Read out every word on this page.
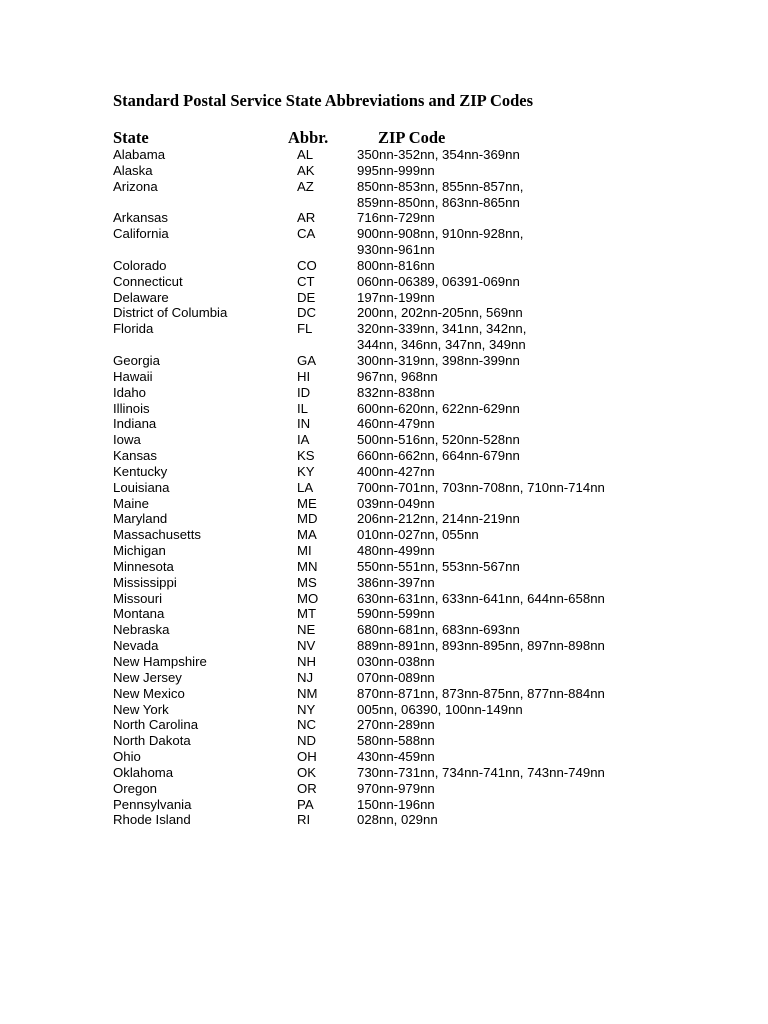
Standard Postal Service State Abbreviations and ZIP Codes
State	Abbr.	ZIP Code
Alabama	AL	350nn-352nn, 354nn-369nn
Alaska	AK	995nn-999nn
Arizona	AZ	850nn-853nn, 855nn-857nn,
859nn-850nn, 863nn-865nn
Arkansas	AR	716nn-729nn
California	CA	900nn-908nn, 910nn-928nn,
930nn-961nn
Colorado	CO	800nn-816nn
Connecticut	CT	060nn-06389, 06391-069nn
Delaware	DE	197nn-199nn
District of Columbia	DC	200nn, 202nn-205nn, 569nn
Florida	FL	320nn-339nn, 341nn, 342nn,
344nn, 346nn, 347nn, 349nn
Georgia	GA	300nn-319nn, 398nn-399nn
Hawaii	HI	967nn, 968nn
Idaho	ID	832nn-838nn
Illinois	IL	600nn-620nn, 622nn-629nn
Indiana	IN	460nn-479nn
Iowa	IA	500nn-516nn, 520nn-528nn
Kansas	KS	660nn-662nn, 664nn-679nn
Kentucky	KY	400nn-427nn
Louisiana	LA	700nn-701nn, 703nn-708nn, 710nn-714nn
Maine	ME	039nn-049nn
Maryland	MD	206nn-212nn, 214nn-219nn
Massachusetts	MA	010nn-027nn, 055nn
Michigan	MI	480nn-499nn
Minnesota	MN	550nn-551nn, 553nn-567nn
Mississippi	MS	386nn-397nn
Missouri	MO	630nn-631nn, 633nn-641nn, 644nn-658nn
Montana	MT	590nn-599nn
Nebraska	NE	680nn-681nn, 683nn-693nn
Nevada	NV	889nn-891nn, 893nn-895nn, 897nn-898nn
New Hampshire	NH	030nn-038nn
New Jersey	NJ	070nn-089nn
New Mexico	NM	870nn-871nn, 873nn-875nn, 877nn-884nn
New York	NY	005nn, 06390, 100nn-149nn
North Carolina	NC	270nn-289nn
North Dakota	ND	580nn-588nn
Ohio	OH	430nn-459nn
Oklahoma	OK	730nn-731nn, 734nn-741nn, 743nn-749nn
Oregon	OR	970nn-979nn
Pennsylvania	PA	150nn-196nn
Rhode Island	RI	028nn, 029nn
